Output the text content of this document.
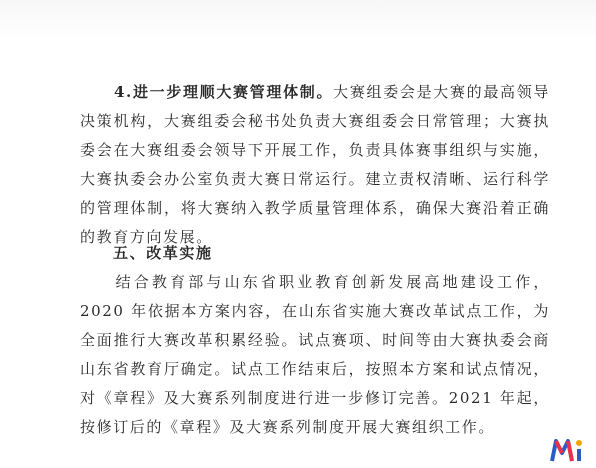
4.进一步理顺大赛管理体制。大赛组委会是大赛的最高领导决策机构，大赛组委会秘书处负责大赛组委会日常管理；大赛执委会在大赛组委会领导下开展工作，负责具体赛事组织与实施，大赛执委会办公室负责大赛日常运行。建立责权清晰、运行科学的管理体制，将大赛纳入教学质量管理体系，确保大赛沿着正确的教育方向发展。

五、改革实施

结合教育部与山东省职业教育创新发展高地建设工作，2020 年依据本方案内容，在山东省实施大赛改革试点工作，为全面推行大赛改革积累经验。试点赛项、时间等由大赛执委会商山东省教育厅确定。试点工作结束后，按照本方案和试点情况，对《章程》及大赛系列制度进行进一步修订完善。2021 年起，按修订后的《章程》及大赛系列制度开展大赛组织工作。
